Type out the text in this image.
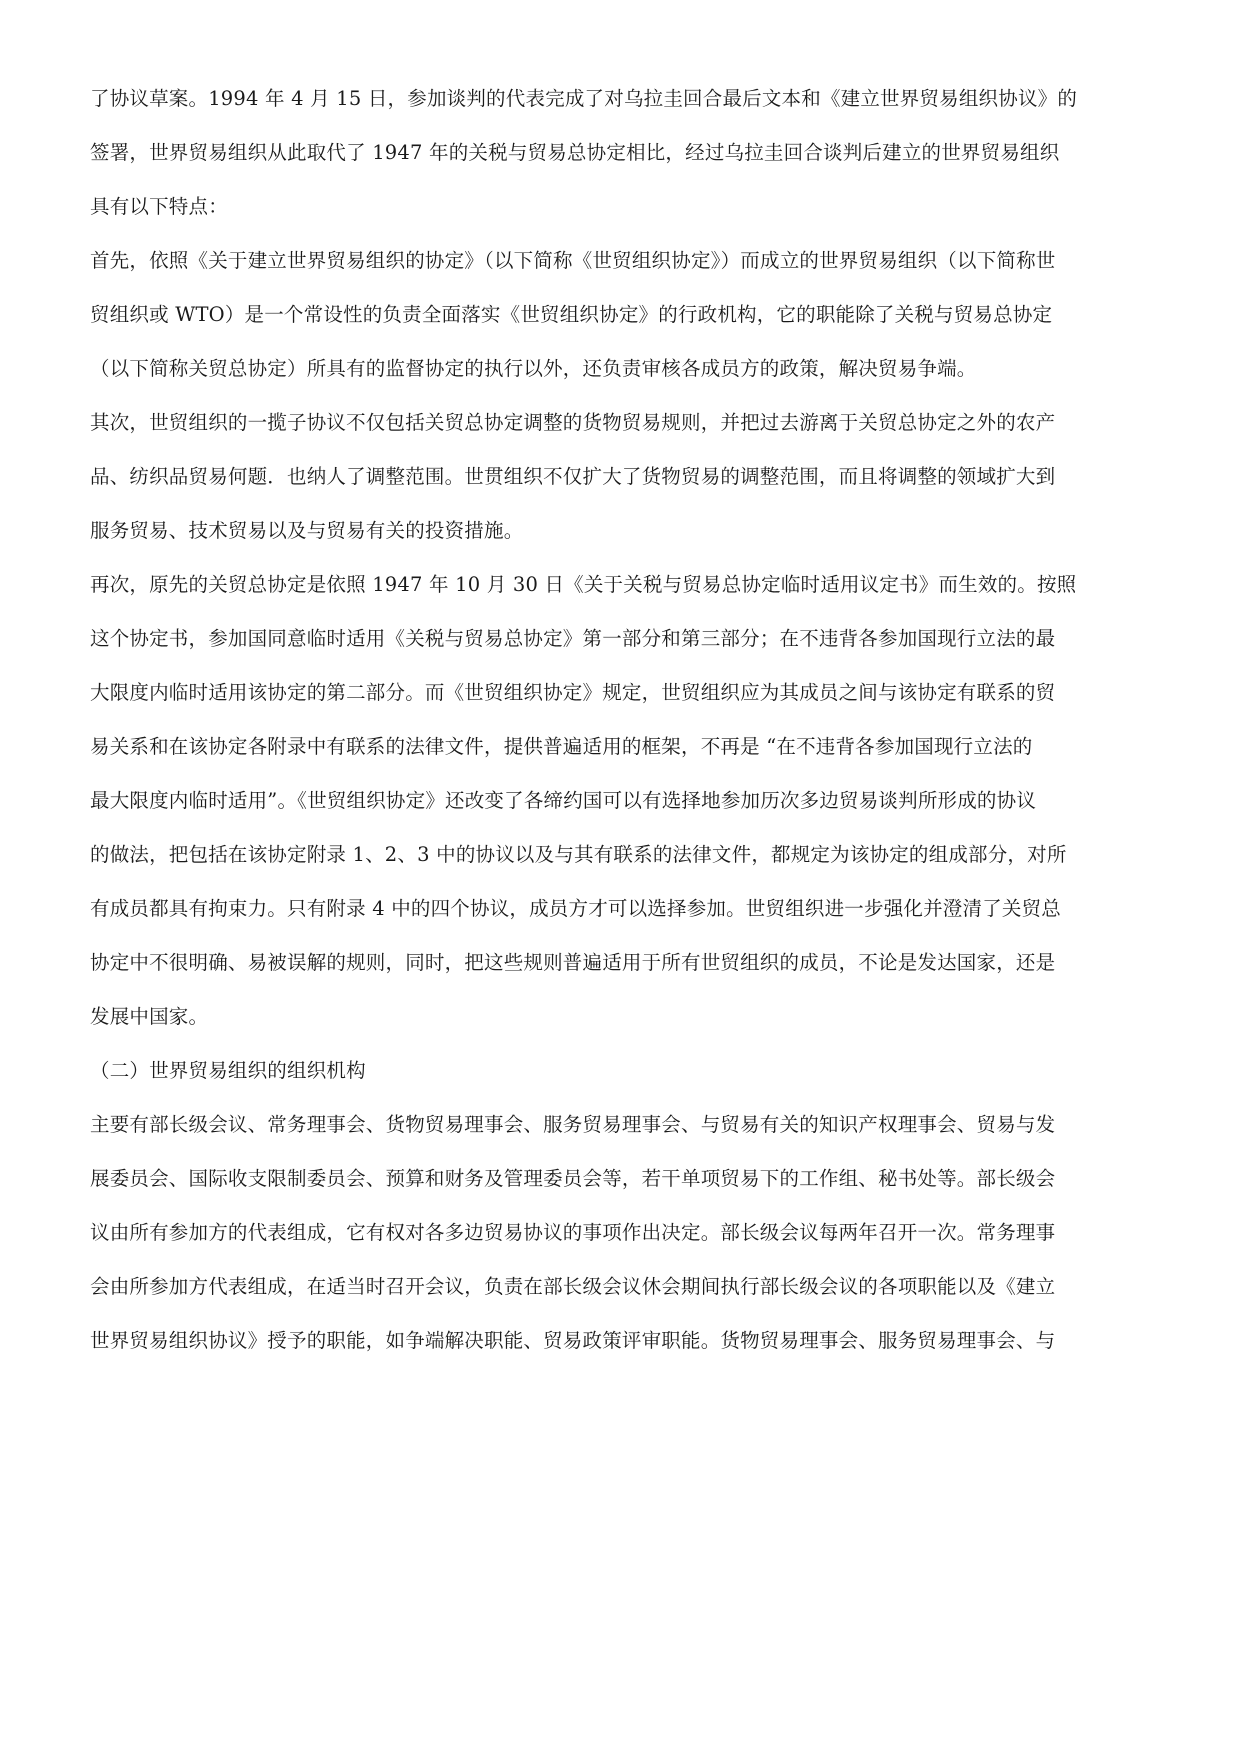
了协议草案。1994 年 4 月 15 日，参加谈判的代表完成了对乌拉圭回合最后文本和《建立世界贸易组织协议》的
签署，世界贸易组织从此取代了 1947 年的关税与贸易总协定相比，经过乌拉圭回合谈判后建立的世界贸易组织
具有以下特点：
首先，依照《关于建立世界贸易组织的协定》（以下简称《世贸组织协定》）而成立的世界贸易组织（以下简称世
贸组织或 WTO）是一个常设性的负责全面落实《世贸组织协定》的行政机构，它的职能除了关税与贸易总协定
（以下简称关贸总协定）所具有的监督协定的执行以外，还负责审核各成员方的政策，解决贸易争端。
其次，世贸组织的一揽子协议不仅包括关贸总协定调整的货物贸易规则，并把过去游离于关贸总协定之外的农产
品、纺织品贸易何题．也纳人了调整范围。世贯组织不仅扩大了货物贸易的调整范围，而且将调整的领域扩大到
服务贸易、技术贸易以及与贸易有关的投资措施。
再次，原先的关贸总协定是依照 1947 年 10 月 30 日《关于关税与贸易总协定临时适用议定书》而生效的。按照
这个协定书，参加国同意临时适用《关税与贸易总协定》第一部分和第三部分；在不违背各参加国现行立法的最
大限度内临时适用该协定的第二部分。而《世贸组织协定》规定，世贸组织应为其成员之间与该协定有联系的贸
易关系和在该协定各附录中有联系的法律文件，提供普遍适用的框架，不再是 “在不违背各参加国现行立法的
最大限度内临时适用”。《世贸组织协定》还改变了各缔约国可以有选择地参加历次多边贸易谈判所形成的协议
的做法，把包括在该协定附录 1、2、3 中的协议以及与其有联系的法律文件，都规定为该协定的组成部分，对所
有成员都具有拘束力。只有附录 4 中的四个协议，成员方才可以选择参加。世贸组织进一步强化并澄清了关贸总
协定中不很明确、易被误解的规则，同时，把这些规则普遍适用于所有世贸组织的成员，不论是发达国家，还是
发展中国家。
（二）世界贸易组织的组织机构
主要有部长级会议、常务理事会、货物贸易理事会、服务贸易理事会、与贸易有关的知识产权理事会、贸易与发
展委员会、国际收支限制委员会、预算和财务及管理委员会等，若干单项贸易下的工作组、秘书处等。部长级会
议由所有参加方的代表组成，它有权对各多边贸易协议的事项作出决定。部长级会议每两年召开一次。常务理事
会由所参加方代表组成，在适当时召开会议，负责在部长级会议休会期间执行部长级会议的各项职能以及《建立
世界贸易组织协议》授予的职能，如争端解决职能、贸易政策评审职能。货物贸易理事会、服务贸易理事会、与
